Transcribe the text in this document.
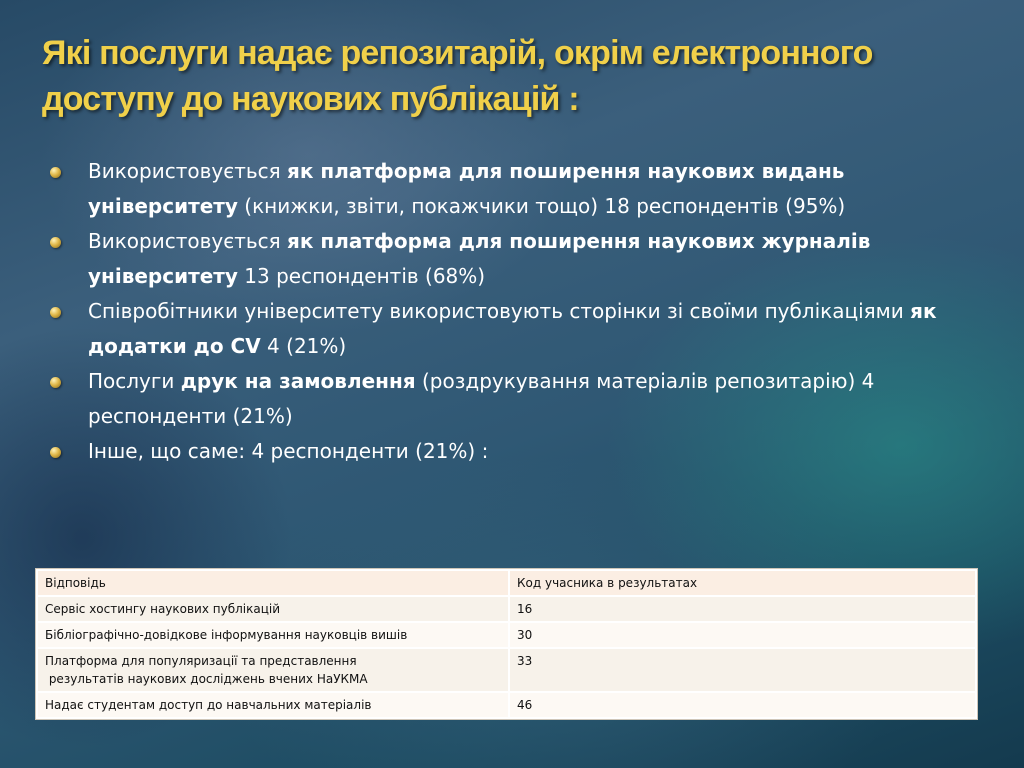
Які послуги надає репозитарій, окрім електронного
доступу до наукових публікацій :
Використовується як платформа для поширення наукових видань університету (книжки, звіти, покажчики тощо) 18 респондентів (95%)
Використовується як платформа для поширення наукових журналів університету 13 респондентів (68%)
Співробітники університету використовують сторінки зі своїми публікаціями як додатки до CV 4 (21%)
Послуги друк на замовлення (роздрукування матеріалів репозитарію) 4 респонденти (21%)
Інше, що саме: 4 респонденти (21%) :
Відповідь	Код учасника в результатах

Сервіс хостингу наукових публікацій	16

Бібліографічно-довідкове інформування науковців вишів	30

Платформа для популяризації та представлення
результатів наукових досліджень вчених НаУКМА	33

Надає студентам доступ до навчальних матеріалів	46
